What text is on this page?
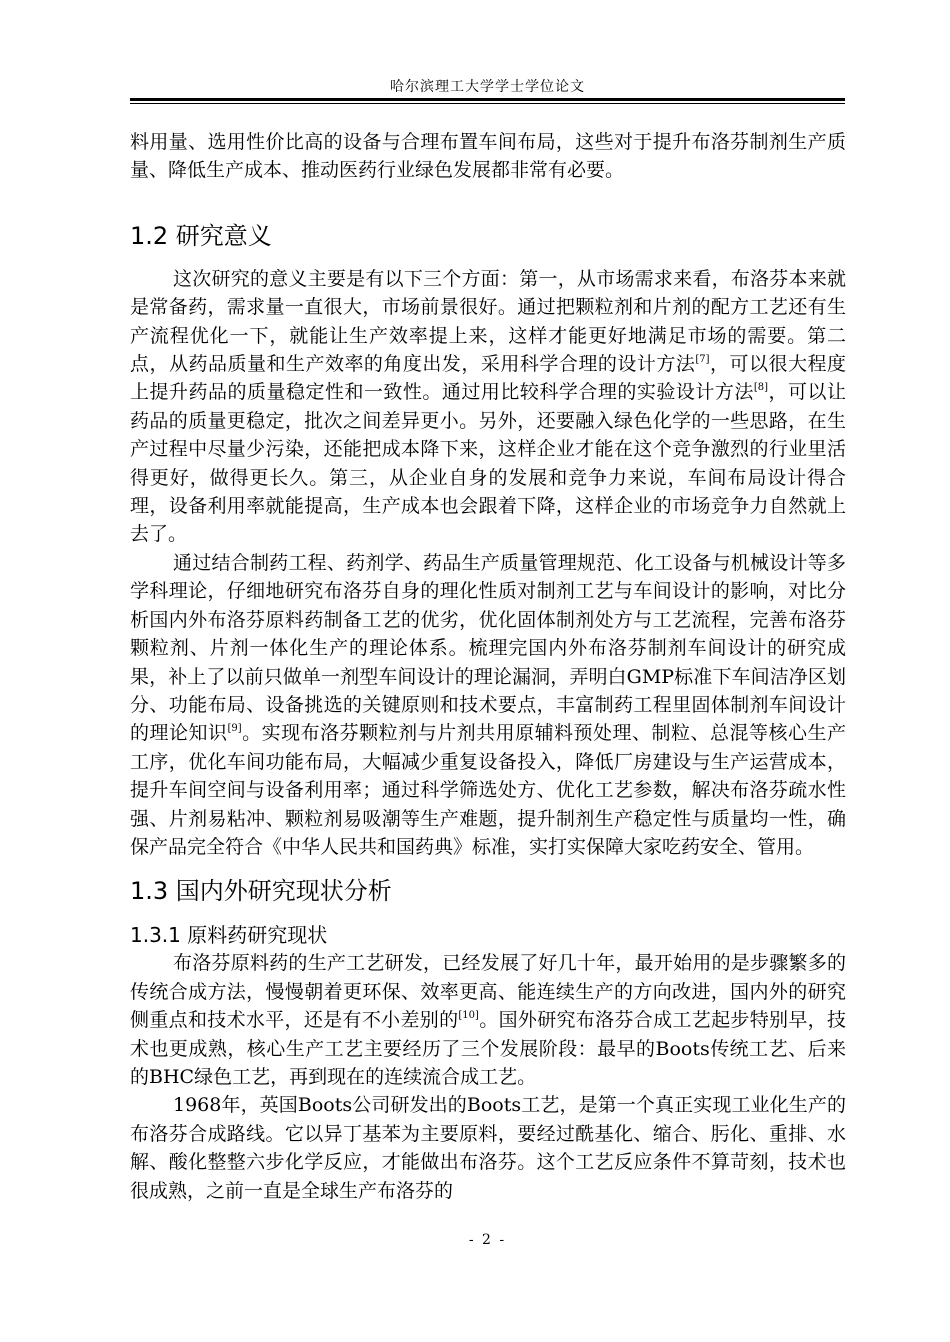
哈尔滨理工大学学士学位论文

料用量、选用性价比高的设备与合理布置车间布局，这些对于提升布洛芬制剂生产质量、降低生产成本、推动医药行业绿色发展都非常有必要。

1.2 研究意义

这次研究的意义主要是有以下三个方面：第一，从市场需求来看，布洛芬本来就是常备药，需求量一直很大，市场前景很好。通过把颗粒剂和片剂的配方工艺还有生产流程优化一下，就能让生产效率提上来，这样才能更好地满足市场的需要。第二点，从药品质量和生产效率的角度出发，采用科学合理的设计方法[7]，可以很大程度上提升药品的质量稳定性和一致性。通过用比较科学合理的实验设计方法[8]，可以让药品的质量更稳定，批次之间差异更小。另外，还要融入绿色化学的一些思路，在生产过程中尽量少污染，还能把成本降下来，这样企业才能在这个竞争激烈的行业里活得更好，做得更长久。第三，从企业自身的发展和竞争力来说，车间布局设计得合理，设备利用率就能提高，生产成本也会跟着下降，这样企业的市场竞争力自然就上去了。

通过结合制药工程、药剂学、药品生产质量管理规范、化工设备与机械设计等多学科理论，仔细地研究布洛芬自身的理化性质对制剂工艺与车间设计的影响，对比分析国内外布洛芬原料药制备工艺的优劣，优化固体制剂处方与工艺流程，完善布洛芬颗粒剂、片剂一体化生产的理论体系。梳理完国内外布洛芬制剂车间设计的研究成果，补上了以前只做单一剂型车间设计的理论漏洞，弄明白GMP标准下车间洁净区划分、功能布局、设备挑选的关键原则和技术要点，丰富制药工程里固体制剂车间设计的理论知识[9]。实现布洛芬颗粒剂与片剂共用原辅料预处理、制粒、总混等核心生产工序，优化车间功能布局，大幅减少重复设备投入，降低厂房建设与生产运营成本，提升车间空间与设备利用率；通过科学筛选处方、优化工艺参数，解决布洛芬疏水性强、片剂易粘冲、颗粒剂易吸潮等生产难题，提升制剂生产稳定性与质量均一性，确保产品完全符合《中华人民共和国药典》标准，实打实保障大家吃药安全、管用。

1.3 国内外研究现状分析
1.3.1 原料药研究现状

布洛芬原料药的生产工艺研发，已经发展了好几十年，最开始用的是步骤繁多的传统合成方法，慢慢朝着更环保、效率更高、能连续生产的方向改进，国内外的研究侧重点和技术水平，还是有不小差别的[10]。国外研究布洛芬合成工艺起步特别早，技术也更成熟，核心生产工艺主要经历了三个发展阶段：最早的Boots传统工艺、后来的BHC绿色工艺，再到现在的连续流合成工艺。

1968年，英国Boots公司研发出的Boots工艺，是第一个真正实现工业化生产的布洛芬合成路线。它以异丁基苯为主要原料，要经过酰基化、缩合、肟化、重排、水解、酸化整整六步化学反应，才能做出布洛芬。这个工艺反应条件不算苛刻，技术也很成熟，之前一直是全球生产布洛芬的

- 2 -
